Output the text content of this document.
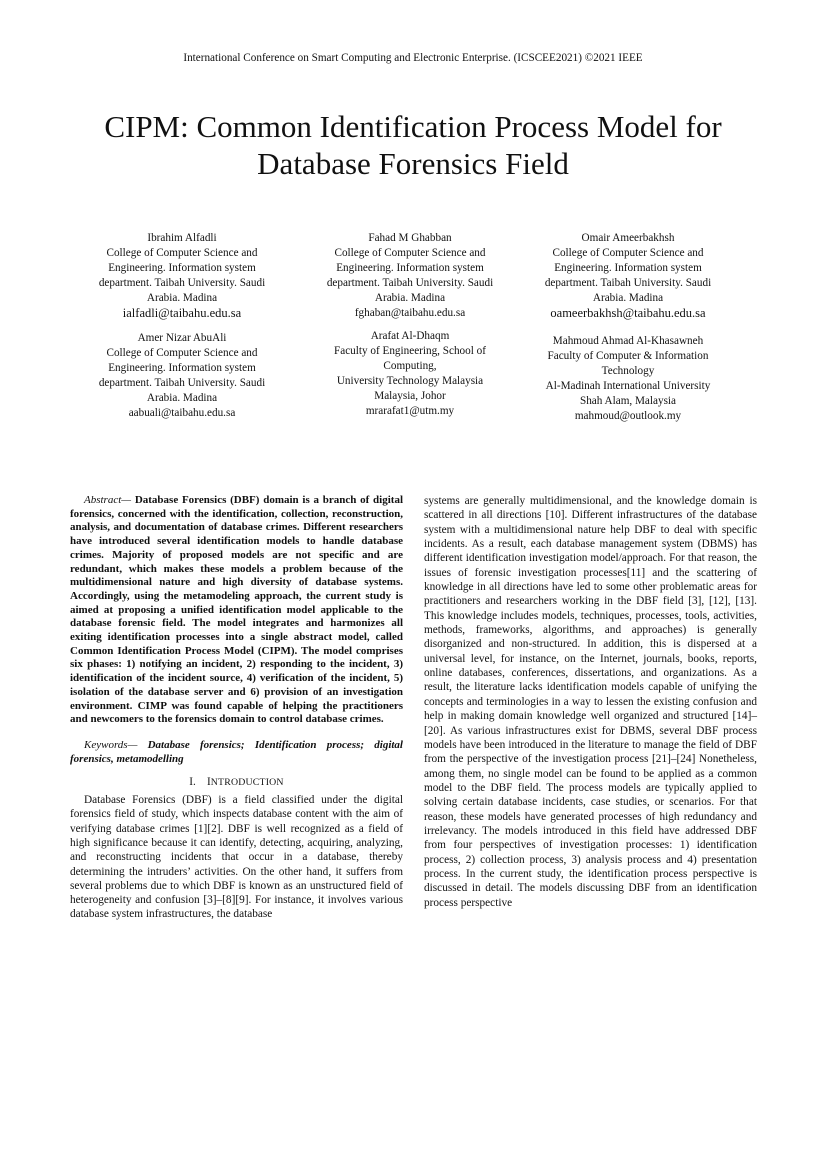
International Conference on Smart Computing and Electronic Enterprise. (ICSCEE2021) ©2021 IEEE
CIPM: Common Identification Process Model for Database Forensics Field
Ibrahim Alfadli
College of Computer Science and
Engineering. Information system
department. Taibah University. Saudi
Arabia. Madina
ialfadli@taibahu.edu.sa
Fahad M Ghabban
College of Computer Science and
Engineering. Information system
department. Taibah University. Saudi
Arabia. Madina
fghaban@taibahu.edu.sa
Omair Ameerbakhsh
College of Computer Science and
Engineering. Information system
department. Taibah University. Saudi
Arabia. Madina
oameerbakhsh@taibahu.edu.sa
Amer Nizar AbuAli
College of Computer Science and
Engineering. Information system
department. Taibah University. Saudi
Arabia. Madina
aabuali@taibahu.edu.sa
Arafat Al-Dhaqm
Faculty of Engineering, School of
Computing,
University Technology Malaysia
Malaysia, Johor
mrarafat1@utm.my
Mahmoud Ahmad Al-Khasawneh
Faculty of Computer & Information
Technology
Al-Madinah International University
Shah Alam, Malaysia
mahmoud@outlook.my

Abstract— Database Forensics (DBF) domain is a branch of digital forensics, concerned with the identification, collection, reconstruction, analysis, and documentation of database crimes. Different researchers have introduced several identification models to handle database crimes. Majority of proposed models are not specific and are redundant, which makes these models a problem because of the multidimensional nature and high diversity of database systems. Accordingly, using the metamodeling approach, the current study is aimed at proposing a unified identification model applicable to the database forensic field. The model integrates and harmonizes all exiting identification processes into a single abstract model, called Common Identification Process Model (CIPM). The model comprises six phases: 1) notifying an incident, 2) responding to the incident, 3) identification of the incident source, 4) verification of the incident, 5) isolation of the database server and 6) provision of an investigation environment. CIMP was found capable of helping the practitioners and newcomers to the forensics domain to control database crimes.

Keywords— Database forensics; Identification process; digital forensics, metamodelling

I. INTRODUCTION

Database Forensics (DBF) is a field classified under the digital forensics field of study, which inspects database content with the aim of verifying database crimes [1][2]. DBF is well recognized as a field of high significance because it can identify, detecting, acquiring, analyzing, and reconstructing incidents that occur in a database, thereby determining the intruders’ activities. On the other hand, it suffers from several problems due to which DBF is known as an unstructured field of heterogeneity and confusion [3]–[8][9]. For instance, it involves various database system infrastructures, the database

systems are generally multidimensional, and the knowledge domain is scattered in all directions [10]. Different infrastructures of the database system with a multidimensional nature help DBF to deal with specific incidents. As a result, each database management system (DBMS) has different identification investigation model/approach. For that reason, the issues of forensic investigation processes[11] and the scattering of knowledge in all directions have led to some other problematic areas for practitioners and researchers working in the DBF field [3], [12], [13]. This knowledge includes models, techniques, processes, tools, activities, methods, frameworks, algorithms, and approaches) is generally disorganized and non-structured. In addition, this is dispersed at a universal level, for instance, on the Internet, journals, books, reports, online databases, conferences, dissertations, and organizations. As a result, the literature lacks identification models capable of unifying the concepts and terminologies in a way to lessen the existing confusion and help in making domain knowledge well organized and structured [14]–[20]. As various infrastructures exist for DBMS, several DBF process models have been introduced in the literature to manage the field of DBF from the perspective of the investigation process [21]–[24] Nonetheless, among them, no single model can be found to be applied as a common model to the DBF field. The process models are typically applied to solving certain database incidents, case studies, or scenarios. For that reason, these models have generated processes of high redundancy and irrelevancy. The models introduced in this field have addressed DBF from four perspectives of investigation processes: 1) identification process, 2) collection process, 3) analysis process and 4) presentation process. In the current study, the identification process perspective is discussed in detail. The models discussing DBF from an identification process perspective
